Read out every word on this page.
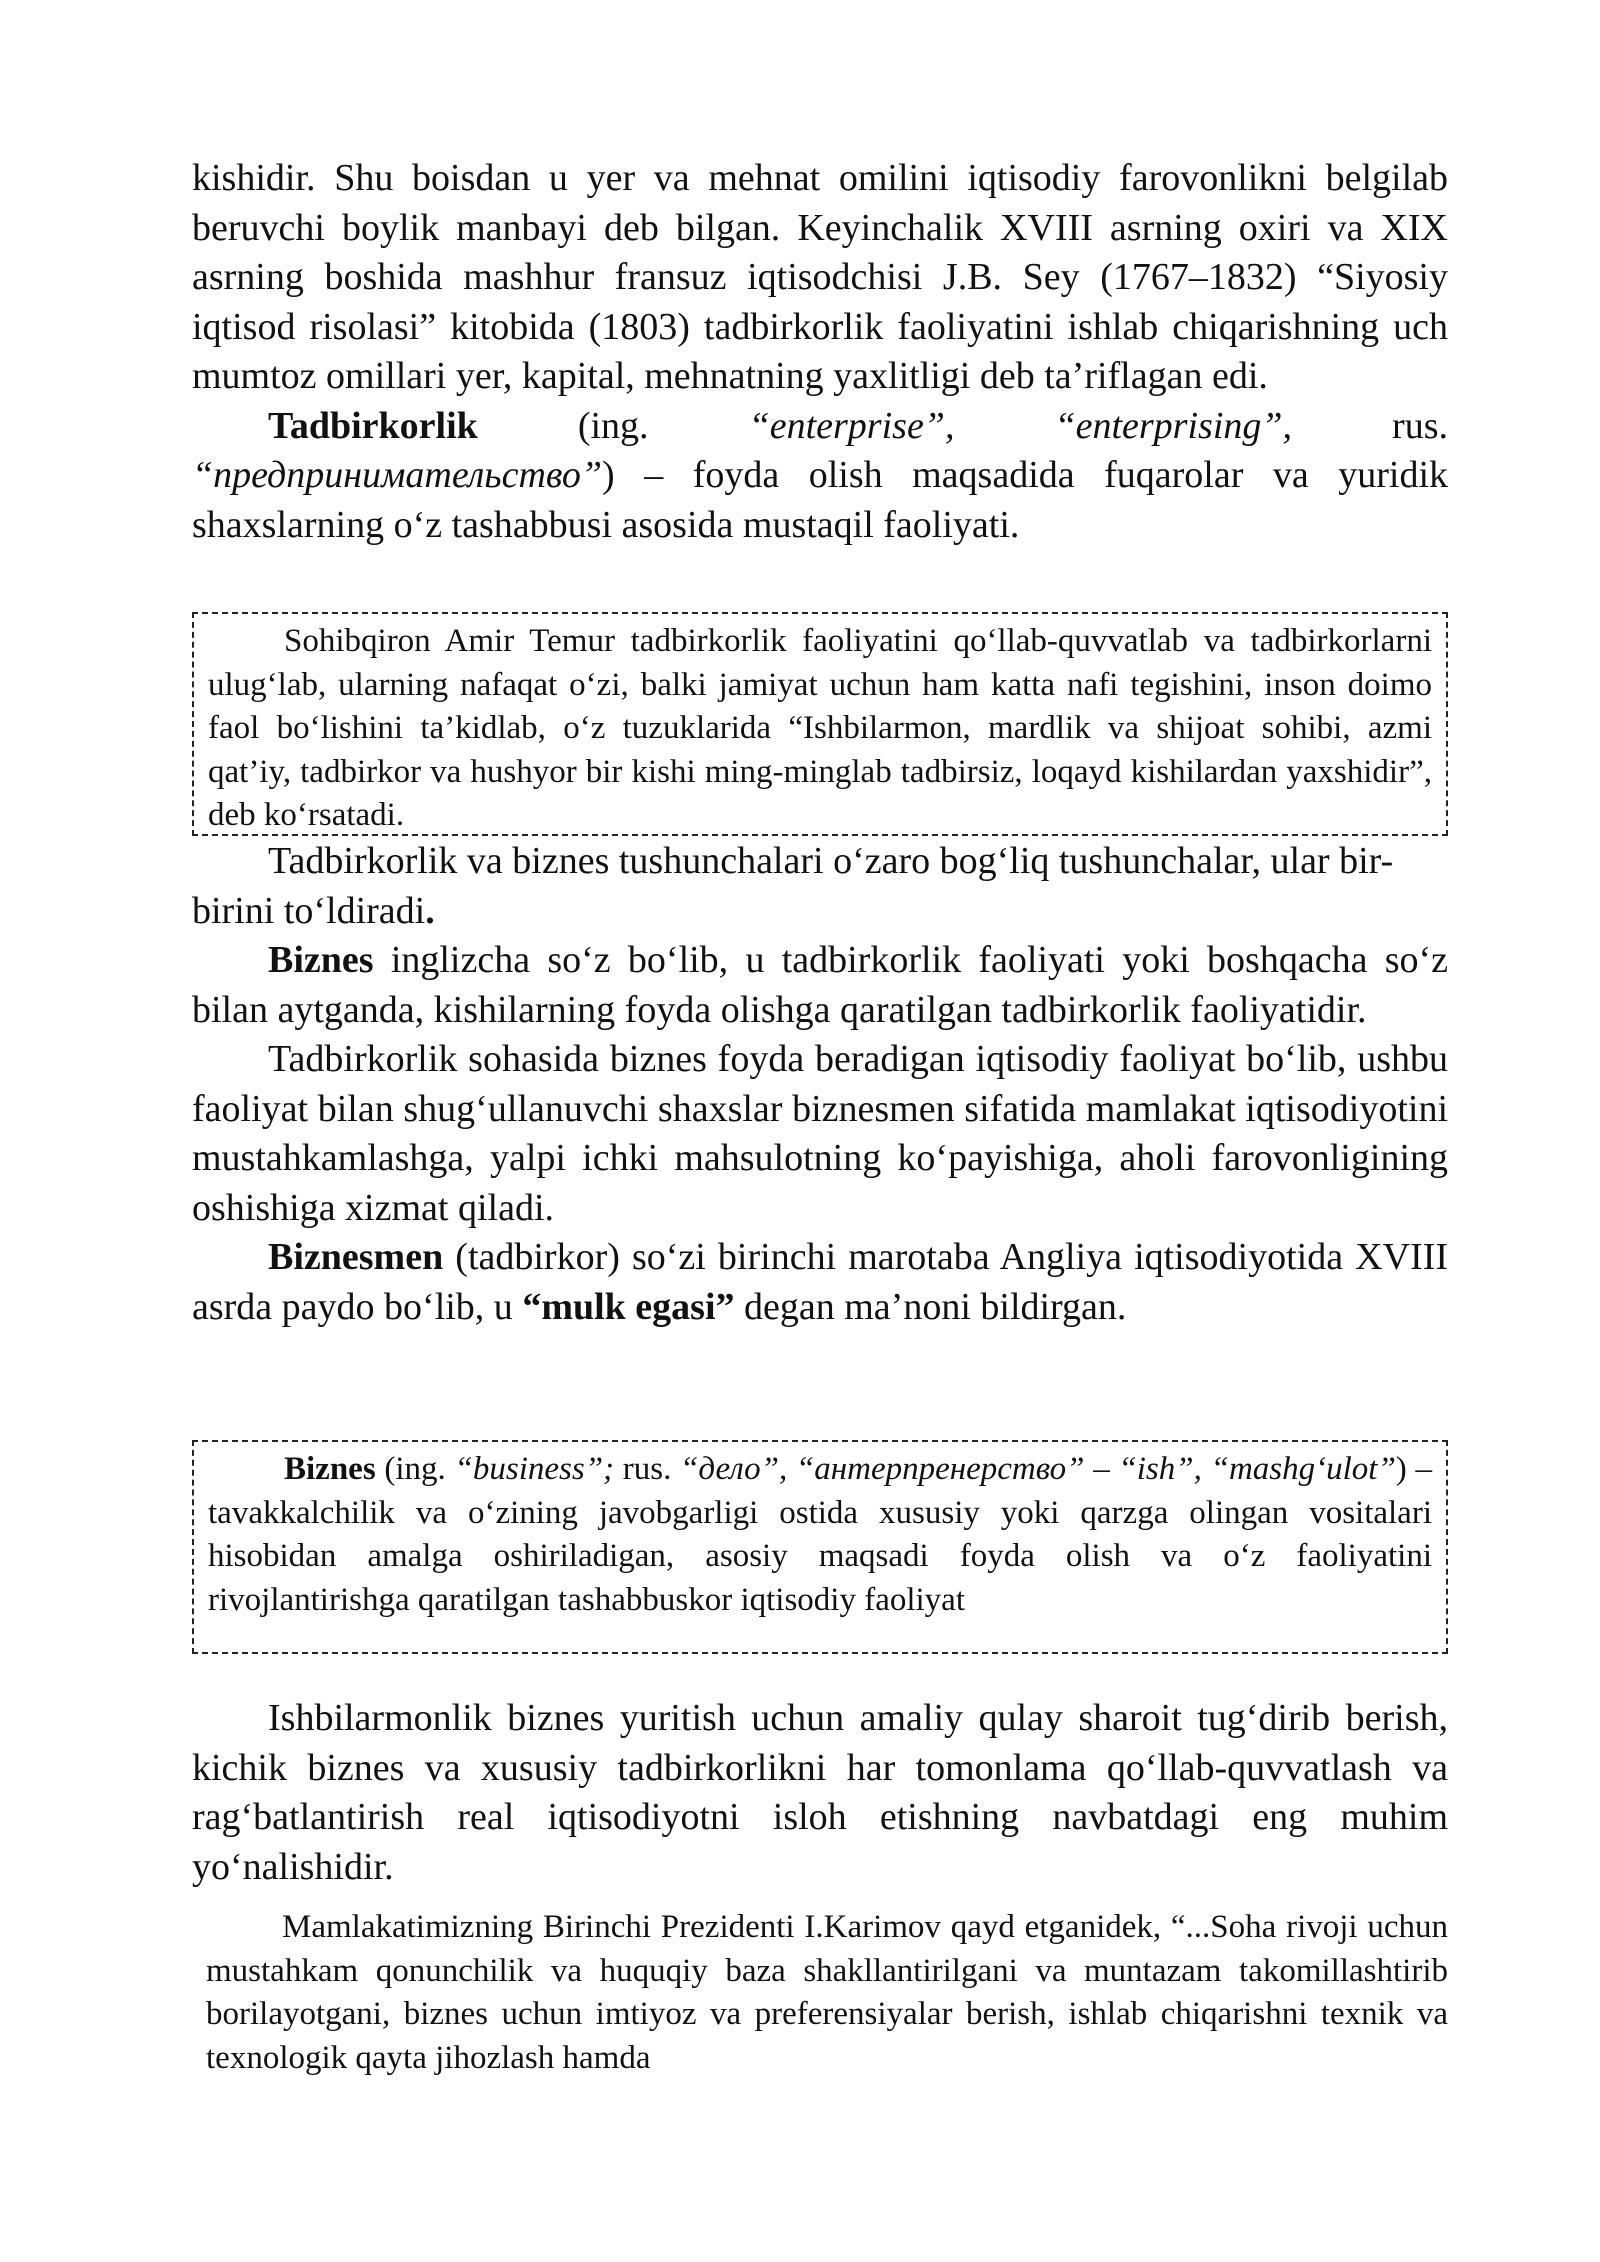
kishidir. Shu boisdan u yer va mehnat omilini iqtisodiy farovonlikni belgilab beruvchi boylik manbayi deb bilgan. Keyinchalik XVIII asrning oxiri va XIX asrning boshida mashhur fransuz iqtisodchisi J.B. Sey (1767–1832) “Siyosiy iqtisod risolasi” kitobida (1803) tadbirkorlik faoliyatini ishlab chiqarishning uch mumtoz omillari yer, kapital, mehnatning yaxlitligi deb ta’riflagan edi.

Tadbirkorlik (ing. “enterprise”, “enterprising”, rus. “предпринимательство”) – foyda olish maqsadida fuqarolar va yuridik shaxslarning o‘z tashabbusi asosida mustaqil faoliyati.

Sohibqiron Amir Temur tadbirkorlik faoliyatini qo‘llab-quvvatlab va tadbirkorlarni ulug‘lab, ularning nafaqat o‘zi, balki jamiyat uchun ham katta nafi tegishini, inson doimo faol bo‘lishini ta’kidlab, o‘z tuzuklarida “Ishbilarmon, mardlik va shijoat sohibi, azmi qat’iy, tadbirkor va hushyor bir kishi ming-minglab tadbirsiz, loqayd kishilardan yaxshidir”, deb ko‘rsatadi.

Tadbirkorlik va biznes tushunchalari o‘zaro bog‘liq tushunchalar, ular bir-birini to‘ldiradi.

Biznes inglizcha so‘z bo‘lib, u tadbirkorlik faoliyati yoki boshqacha so‘z bilan aytganda, kishilarning foyda olishga qaratilgan tadbirkorlik faoliyatidir.

Tadbirkorlik sohasida biznes foyda beradigan iqtisodiy faoliyat bo‘lib, ushbu faoliyat bilan shug‘ullanuvchi shaxslar biznesmen sifatida mamlakat iqtisodiyotini mustahkamlashga, yalpi ichki mahsulotning ko‘payishiga, aholi farovonligining oshishiga xizmat qiladi.

Biznesmen (tadbirkor) so‘zi birinchi marotaba Angliya iqtisodiyotida XVIII asrda paydo bo‘lib, u “mulk egasi” degan ma’noni bildirgan.

Biznes (ing. “business”; rus. “дело”, “антерпренерство” – “ish”, “mashg‘ulot”) – tavakkalchilik va o‘zining javobgarligi ostida xususiy yoki qarzga olingan vositalari hisobidan amalga oshiriladigan, asosiy maqsadi foyda olish va o‘z faoliyatini rivojlantirishga qaratilgan tashabbuskor iqtisodiy faoliyat

Ishbilarmonlik biznes yuritish uchun amaliy qulay sharoit tug‘dirib berish, kichik biznes va xususiy tadbirkorlikni har tomonlama qo‘llab-quvvatlash va rag‘batlantirish real iqtisodiyotni isloh etishning navbatdagi eng muhim yo‘nalishidir.

Mamlakatimizning Birinchi Prezidenti I.Karimov qayd etganidek, “...Soha rivoji uchun mustahkam qonunchilik va huquqiy baza shakllantirilgani va muntazam takomillashtirib borilayotgani, biznes uchun imtiyoz va preferensiyalar berish, ishlab chiqarishni texnik va texnologik qayta jihozlash hamda
